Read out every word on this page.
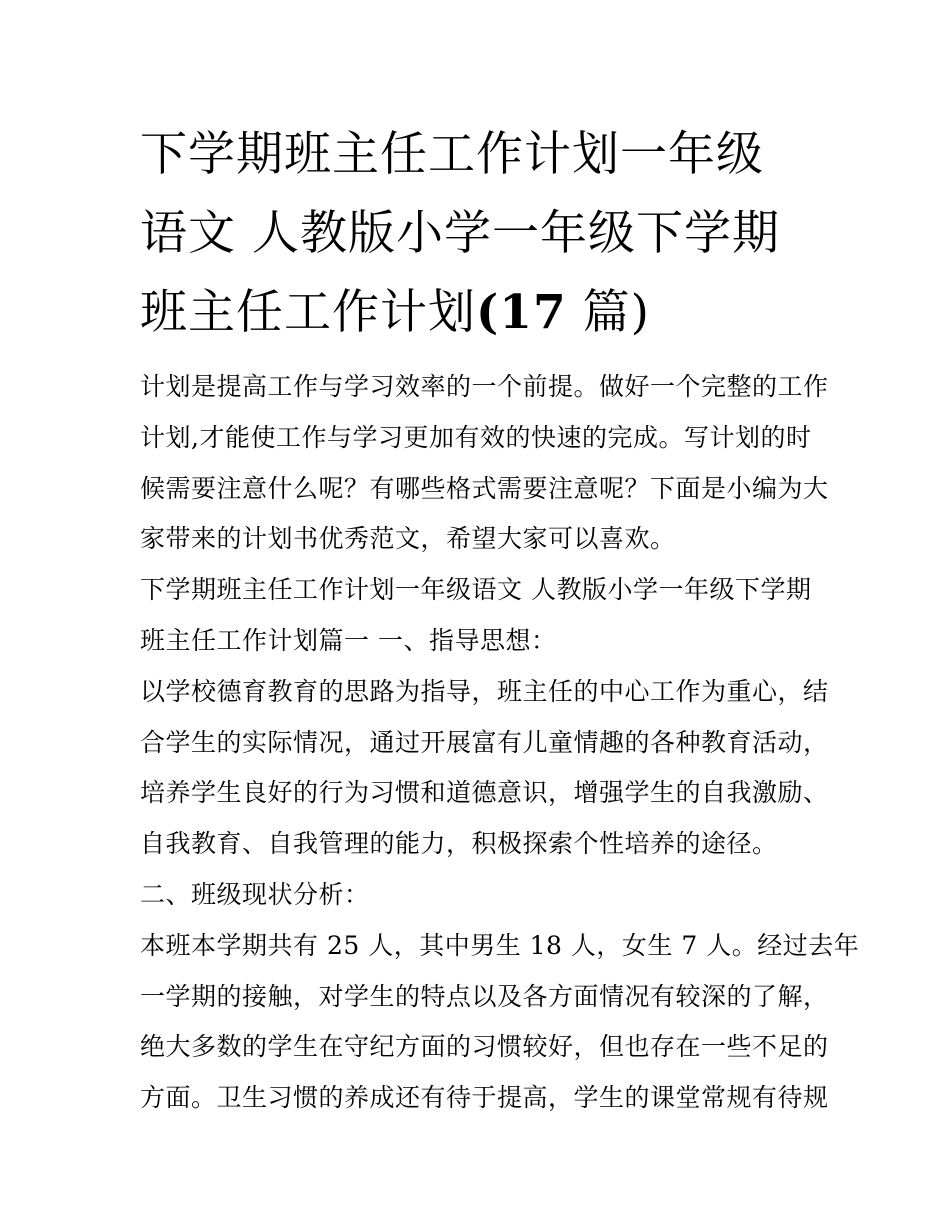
下学期班主任工作计划一年级
语文 人教版小学一年级下学期
班主任工作计划(17 篇)
计划是提高工作与学习效率的一个前提。做好一个完整的工作
计划,才能使工作与学习更加有效的快速的完成。写计划的时
候需要注意什么呢？有哪些格式需要注意呢？下面是小编为大
家带来的计划书优秀范文，希望大家可以喜欢。
下学期班主任工作计划一年级语文 人教版小学一年级下学期
班主任工作计划篇一 一、指导思想：
以学校德育教育的思路为指导，班主任的中心工作为重心，结
合学生的实际情况，通过开展富有儿童情趣的各种教育活动，
培养学生良好的行为习惯和道德意识，增强学生的自我激励、
自我教育、自我管理的能力，积极探索个性培养的途径。
二、班级现状分析：
本班本学期共有 25 人，其中男生 18 人，女生 7 人。经过去年
一学期的接触，对学生的特点以及各方面情况有较深的了解，
绝大多数的学生在守纪方面的习惯较好，但也存在一些不足的
方面。卫生习惯的养成还有待于提高，学生的课堂常规有待规
